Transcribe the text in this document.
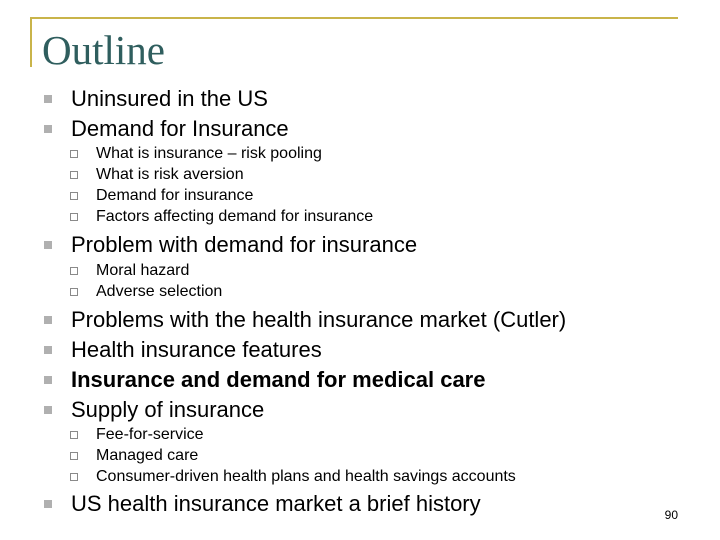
Outline
Uninsured in the US
Demand for Insurance
What is insurance – risk pooling
What is risk aversion
Demand for insurance
Factors affecting demand for insurance
Problem with demand for insurance
Moral hazard
Adverse selection
Problems with the health insurance market (Cutler)
Health insurance features
Insurance and demand for medical care
Supply of insurance
Fee-for-service
Managed care
Consumer-driven health plans and health savings accounts
US health insurance market a brief history	90
